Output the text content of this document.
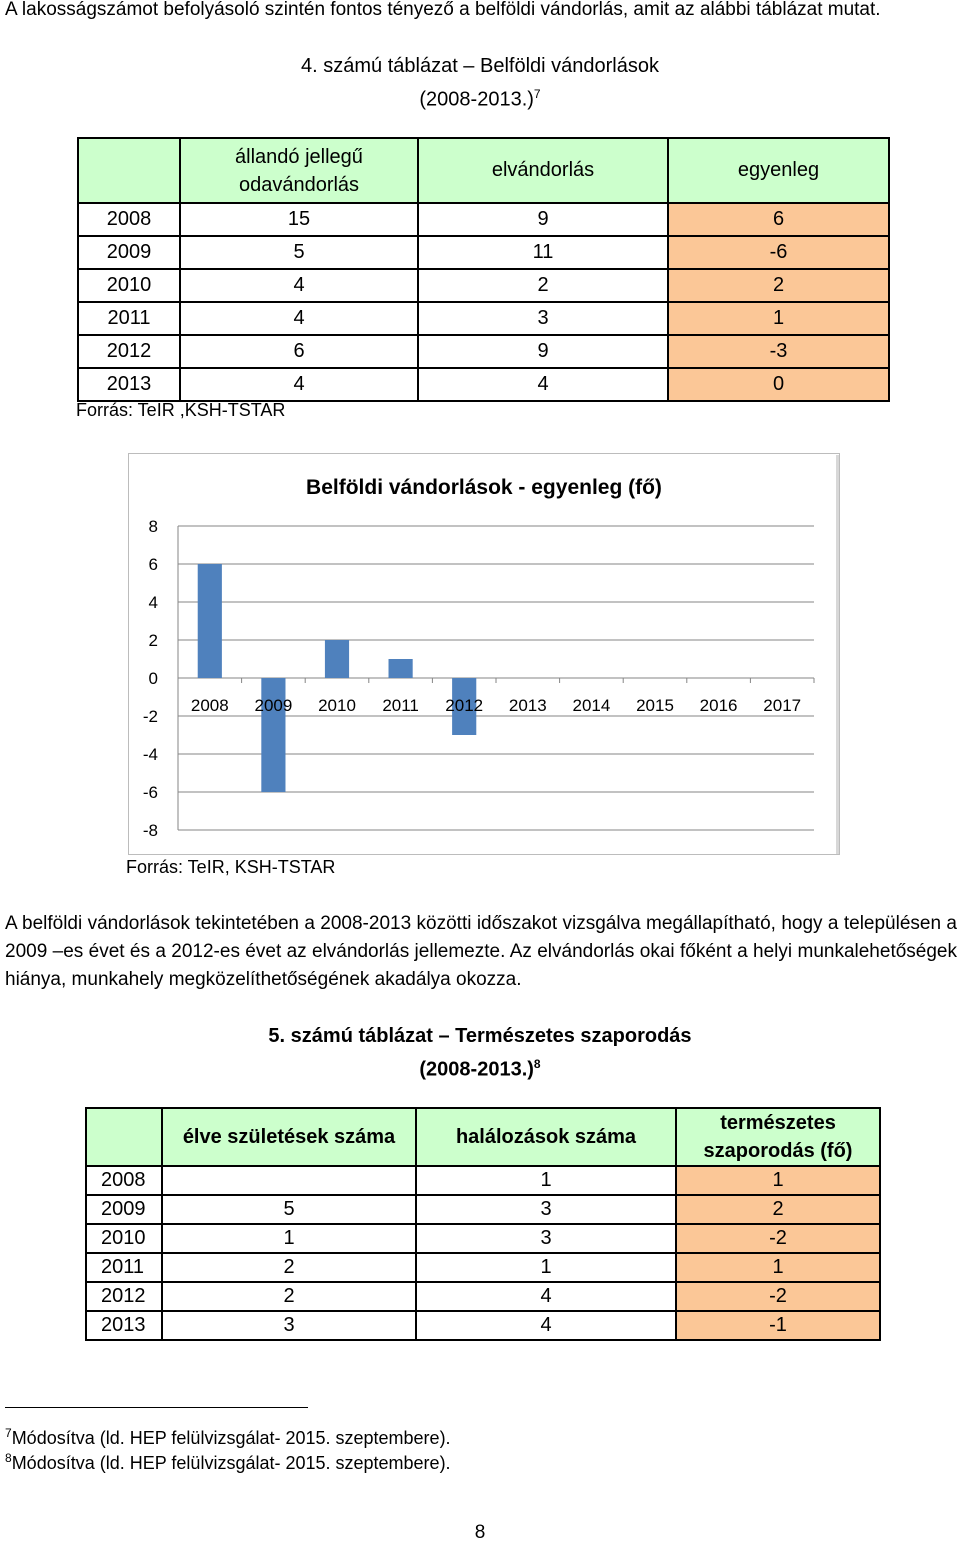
A lakosságszámot befolyásoló szintén fontos tényező a belföldi vándorlás, amit az alábbi táblázat mutat.

4. számú táblázat – Belföldi vándorlások
$(2008-2013.)^7$
	állandó jellegű odavándorlás	elvándorlás	egyenleg
2008	15	9	6
2009	5	11	-6
2010	4	2	2
2011	4	3	1
2012	6	9	-3
2013	4	4	0
Forrás: TeIR ,KSH-TSTAR
Belföldi vándorlások - egyenleg (fő)
8
6
4
2
0
-2
-4
-6
-8
2008 2009 2010 2011 2012 2013 2014 2015 2016 2017
Forrás: TeIR, KSH-TSTAR

A belföldi vándorlások tekintetében a 2008-2013 közötti időszakot vizsgálva megállapítható, hogy a településen a 2009 –es évet és a 2012-es évet az elvándorlás jellemezte. Az elvándorlás okai főként a helyi munkalehetőségek hiánya, munkahely megközelíthetőségének akadálya okozza.

5. számú táblázat – Természetes szaporodás
$(2008-2013.)^8$
	élve születések száma	halálozások száma	természetes szaporodás (fő)
2008		1	1
2009	5	3	2
2010	1	3	-2
2011	2	1	1
2012	2	4	-2
2013	3	4	-1
$^7$Módosítva (ld. HEP felülvizsgálat- 2015. szeptembere).
$^8$Módosítva (ld. HEP felülvizsgálat- 2015. szeptembere).
8
